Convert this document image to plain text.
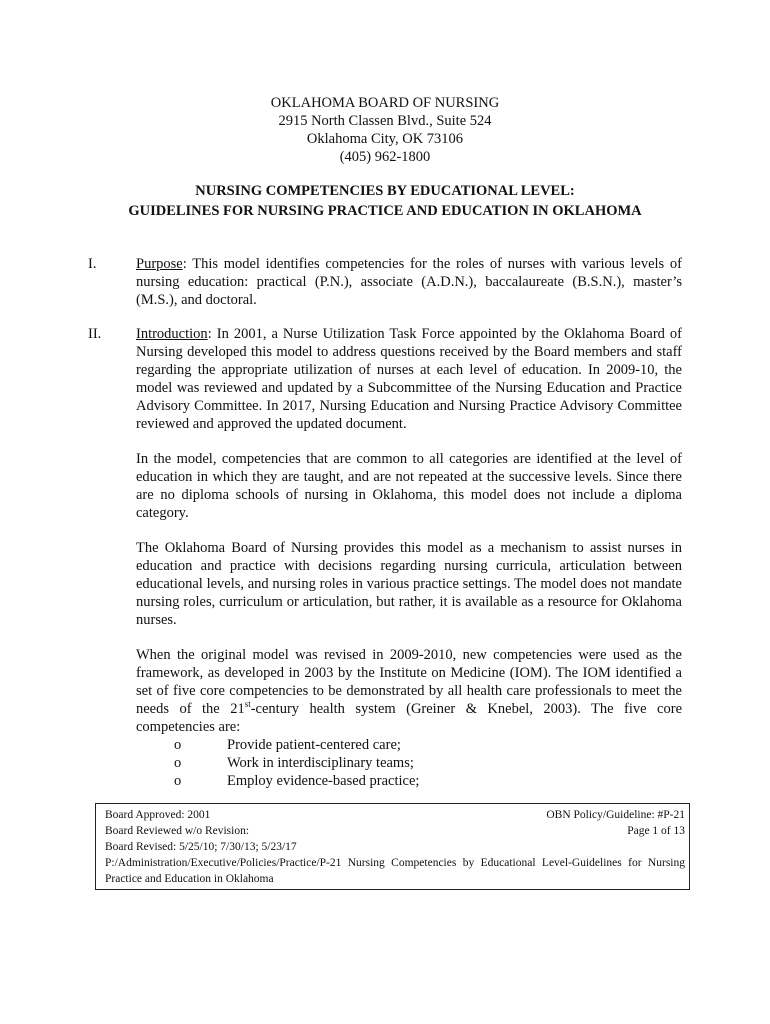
OKLAHOMA BOARD OF NURSING
2915 North Classen Blvd., Suite 524
Oklahoma City, OK 73106
(405) 962-1800
NURSING COMPETENCIES BY EDUCATIONAL LEVEL:
GUIDELINES FOR NURSING PRACTICE AND EDUCATION IN OKLAHOMA
I.	Purpose: This model identifies competencies for the roles of nurses with various levels of nursing education: practical (P.N.), associate (A.D.N.), baccalaureate (B.S.N.), master’s (M.S.), and doctoral.

II. Introduction: In 2001, a Nurse Utilization Task Force appointed by the Oklahoma Board of Nursing developed this model to address questions received by the Board members and staff regarding the appropriate utilization of nurses at each level of education. In 2009-10, the model was reviewed and updated by a Subcommittee of the Nursing Education and Practice Advisory Committee. In 2017, Nursing Education and Nursing Practice Advisory Committee reviewed and approved the updated document.

In the model, competencies that are common to all categories are identified at the level of education in which they are taught, and are not repeated at the successive levels. Since there are no diploma schools of nursing in Oklahoma, this model does not include a diploma category.

The Oklahoma Board of Nursing provides this model as a mechanism to assist nurses in education and practice with decisions regarding nursing curricula, articulation between educational levels, and nursing roles in various practice settings. The model does not mandate nursing roles, curriculum or articulation, but rather, it is available as a resource for Oklahoma nurses.

When the original model was revised in 2009-2010, new competencies were used as the framework, as developed in 2003 by the Institute on Medicine (IOM). The IOM identified a set of five core competencies to be demonstrated by all health care professionals to meet the needs of the 21st-century health system (Greiner & Knebel, 2003). The five core competencies are:

o	Provide patient-centered care;
o	Work in interdisciplinary teams;
o	Employ evidence-based practice;
Board Approved: 2001	OBN Policy/Guideline: #P-21
Board Reviewed w/o Revision:	Page 1 of 13
Board Revised: 5/25/10; 7/30/13; 5/23/17
P:/Administration/Executive/Policies/Practice/P-21 Nursing Competencies by Educational Level-Guidelines for Nursing Practice and Education in Oklahoma
